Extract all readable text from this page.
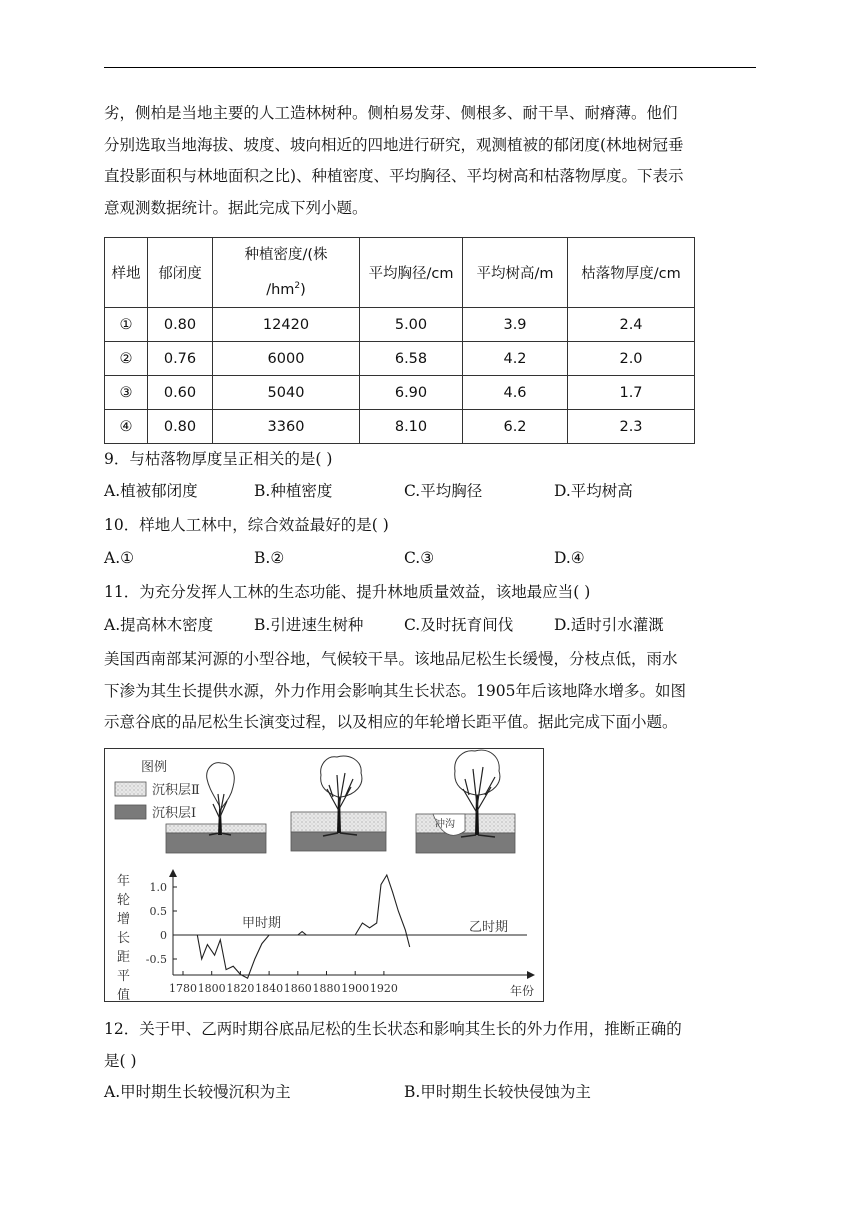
劣，侧柏是当地主要的人工造林树种。侧柏易发芽、侧根多、耐干旱、耐瘠薄。他们
分别选取当地海拔、坡度、坡向相近的四地进行研究，观测植被的郁闭度(林地树冠垂
直投影面积与林地面积之比)、种植密度、平均胸径、平均树高和枯落物厚度。下表示
意观测数据统计。据此完成下列小题。

样地	郁闭度	种植密度/(株
$/hm^2$)	平均胸径/cm	平均树高/m	枯落物厚度/cm
①	0.80	12420	5.00	3.9	2.4
②	0.76	6000	6.58	4.2	2.0
③	0.60	5040	6.90	4.6	1.7
④	0.80	3360	8.10	6.2	2.3
9．与枯落物厚度呈正相关的是( )
A.植被郁闭度	B.种植密度	C.平均胸径	D.平均树高
10．样地人工林中，综合效益最好的是( )
A.①	B.②	C.③	D.④
11．为充分发挥人工林的生态功能、提升林地质量效益，该地最应当( )
A.提高林木密度	B.引进速生树种	C.及时抚育间伐	D.适时引水灌溉

美国西南部某河源的小型谷地，气候较干旱。该地品尼松生长缓慢，分枝点低，雨水
下渗为其生长提供水源，外力作用会影响其生长状态。1905年后该地降水增多。如图
示意谷底的品尼松生长演变过程，以及相应的年轮增长距平值。据此完成下面小题。

图例
沉积层Ⅱ
沉积层Ⅰ
冲沟
年
轮
增
长
距
平
值	1780 1800 1820 1840 1860 1880 1900 1920
1.0
0.5
0
-0.5
甲时期	乙时期
年份
12．关于甲、乙两时期谷底品尼松的生长状态和影响其生长的外力作用，推断正确的
是( )
A.甲时期生长较慢沉积为主	B.甲时期生长较快侵蚀为主
